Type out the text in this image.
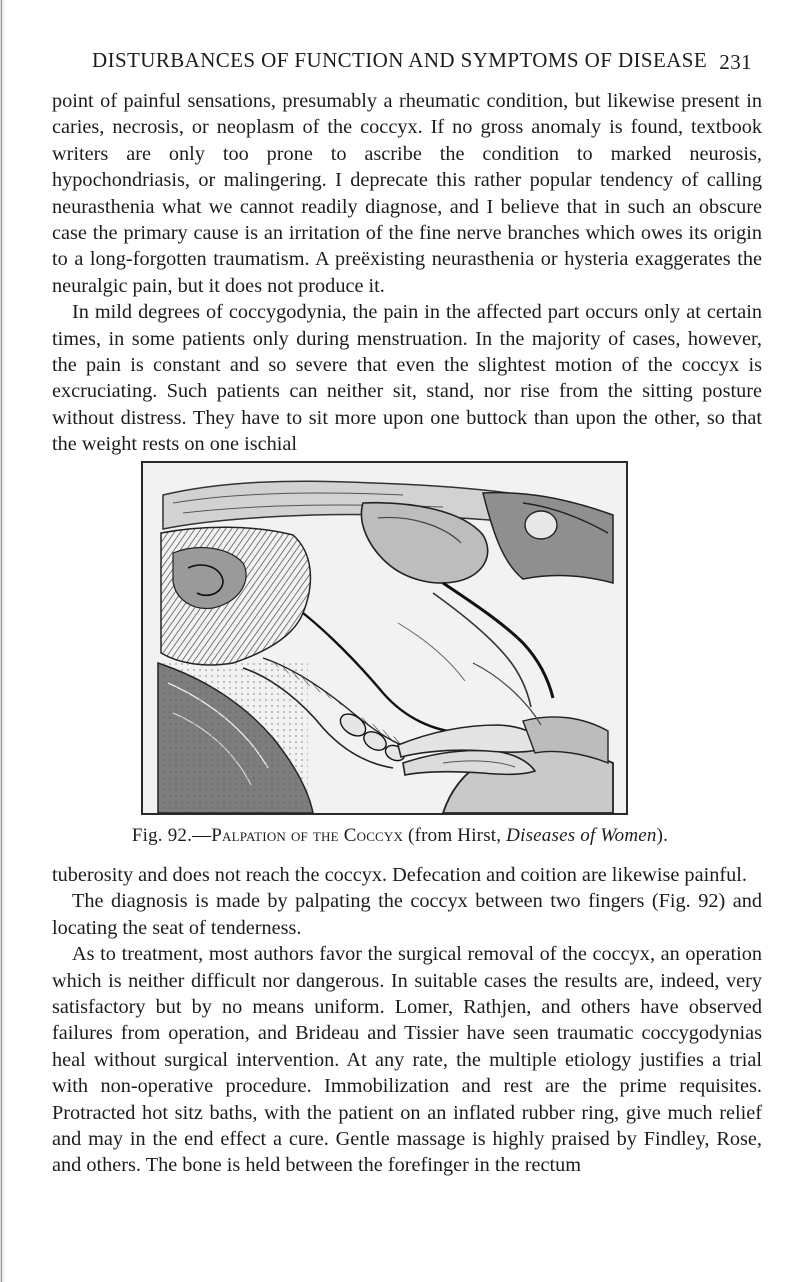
DISTURBANCES OF FUNCTION AND SYMPTOMS OF DISEASE 231

point of painful sensations, presumably a rheumatic condition, but likewise present in caries, necrosis, or neoplasm of the coccyx. If no gross anomaly is found, textbook writers are only too prone to ascribe the condition to marked neurosis, hypochondriasis, or malingering. I deprecate this rather popular tendency of calling neurasthenia what we cannot readily diagnose, and I believe that in such an obscure case the primary cause is an irritation of the fine nerve branches which owes its origin to a long-forgotten traumatism. A preëxisting neurasthenia or hysteria exaggerates the neuralgic pain, but it does not produce it.

In mild degrees of coccygodynia, the pain in the affected part occurs only at certain times, in some patients only during menstruation. In the majority of cases, however, the pain is constant and so severe that even the slightest motion of the coccyx is excruciating. Such patients can neither sit, stand, nor rise from the sitting posture without distress. They have to sit more upon one buttock than upon the other, so that the weight rests on one ischial

Fig. 92.—Palpation of the Coccyx (from Hirst, Diseases of Women).

tuberosity and does not reach the coccyx. Defecation and coition are likewise painful.

The diagnosis is made by palpating the coccyx between two fingers (Fig. 92) and locating the seat of tenderness.

As to treatment, most authors favor the surgical removal of the coccyx, an operation which is neither difficult nor dangerous. In suitable cases the results are, indeed, very satisfactory but by no means uniform. Lomer, Rathjen, and others have observed failures from operation, and Brideau and Tissier have seen traumatic coccygodynias heal without surgical intervention. At any rate, the multiple etiology justifies a trial with non-operative procedure. Immobilization and rest are the prime requisites. Protracted hot sitz baths, with the patient on an inflated rubber ring, give much relief and may in the end effect a cure. Gentle massage is highly praised by Findley, Rose, and others. The bone is held between the forefinger in the rectum
